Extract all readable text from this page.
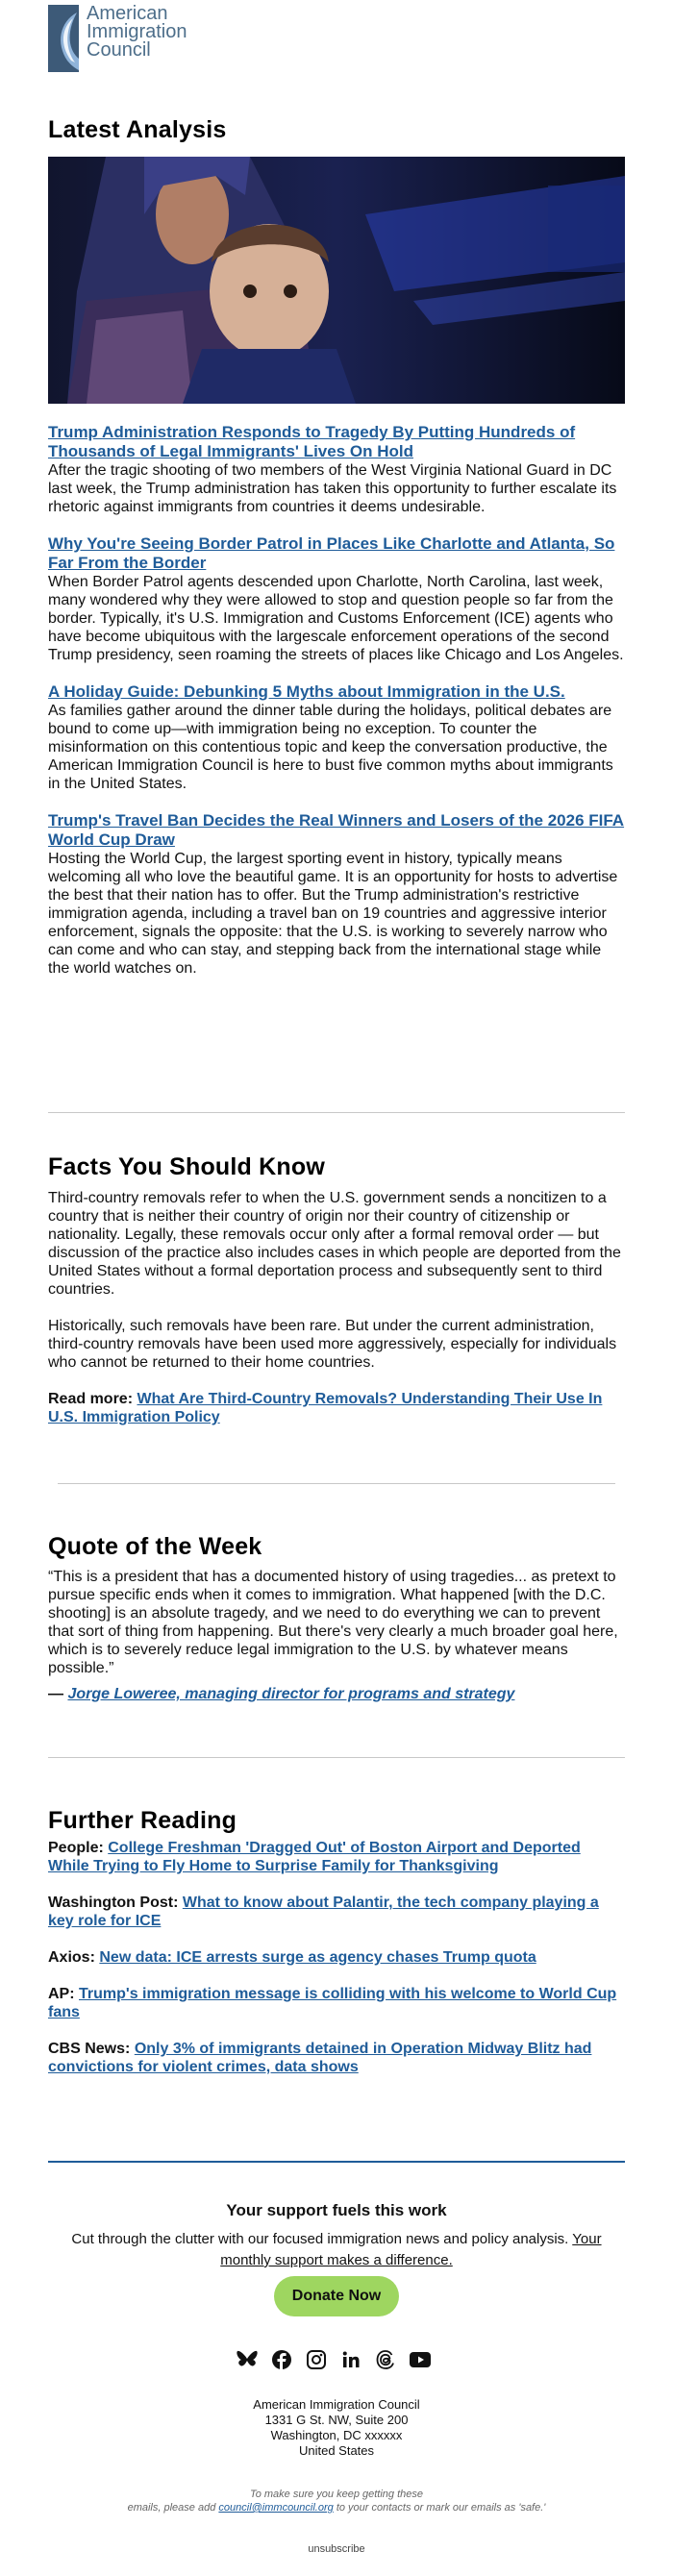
American
Immigration
Council
Latest Analysis
Trump Administration Responds to Tragedy By Putting Hundreds of Thousands of Legal Immigrants' Lives On Hold

After the tragic shooting of two members of the West Virginia National Guard in DC last week, the Trump administration has taken this opportunity to further escalate its rhetoric against immigrants from countries it deems undesirable.

Why You're Seeing Border Patrol in Places Like Charlotte and Atlanta, So Far From the Border

When Border Patrol agents descended upon Charlotte, North Carolina, last week, many wondered why they were allowed to stop and question people so far from the border. Typically, it's U.S. Immigration and Customs Enforcement (ICE) agents who have become ubiquitous with the largescale enforcement operations of the second Trump presidency, seen roaming the streets of places like Chicago and Los Angeles.

A Holiday Guide: Debunking 5 Myths about Immigration in the U.S.

As families gather around the dinner table during the holidays, political debates are bound to come up—with immigration being no exception. To counter the misinformation on this contentious topic and keep the conversation productive, the American Immigration Council is here to bust five common myths about immigrants in the United States.

Trump's Travel Ban Decides the Real Winners and Losers of the 2026 FIFA World Cup Draw

Hosting the World Cup, the largest sporting event in history, typically means welcoming all who love the beautiful game. It is an opportunity for hosts to advertise the best that their nation has to offer. But the Trump administration's restrictive immigration agenda, including a travel ban on 19 countries and aggressive interior enforcement, signals the opposite: that the U.S. is working to severely narrow who can come and who can stay, and stepping back from the international stage while the world watches on.

Facts You Should Know

Third-country removals refer to when the U.S. government sends a noncitizen to a country that is neither their country of origin nor their country of citizenship or nationality. Legally, these removals occur only after a formal removal order — but discussion of the practice also includes cases in which people are deported from the United States without a formal deportation process and subsequently sent to third countries.

Historically, such removals have been rare. But under the current administration, third-country removals have been used more aggressively, especially for individuals who cannot be returned to their home countries.

Read more: What Are Third-Country Removals? Understanding Their Use In U.S. Immigration Policy

Quote of the Week

“This is a president that has a documented history of using tragedies... as pretext to pursue specific ends when it comes to immigration. What happened [with the D.C. shooting] is an absolute tragedy, and we need to do everything we can to prevent that sort of thing from happening. But there's very clearly a much broader goal here, which is to severely reduce legal immigration to the U.S. by whatever means possible.”

— Jorge Loweree, managing director for programs and strategy

Further Reading

People: College Freshman 'Dragged Out' of Boston Airport and Deported While Trying to Fly Home to Surprise Family for Thanksgiving

Washington Post: What to know about Palantir, the tech company playing a key role for ICE

Axios: New data: ICE arrests surge as agency chases Trump quota

AP: Trump's immigration message is colliding with his welcome to World Cup fans

CBS News: Only 3% of immigrants detained in Operation Midway Blitz had convictions for violent crimes, data shows

Your support fuels this work
Cut through the clutter with our focused immigration news and policy analysis. Your monthly support makes a difference.
Donate Now
American Immigration Council
1331 G St. NW, Suite 200
Washington, DC xxxxxx
United States
To make sure you keep getting these
emails, please add council@immcouncil.org to your contacts or mark our emails as 'safe.'
unsubscribe
